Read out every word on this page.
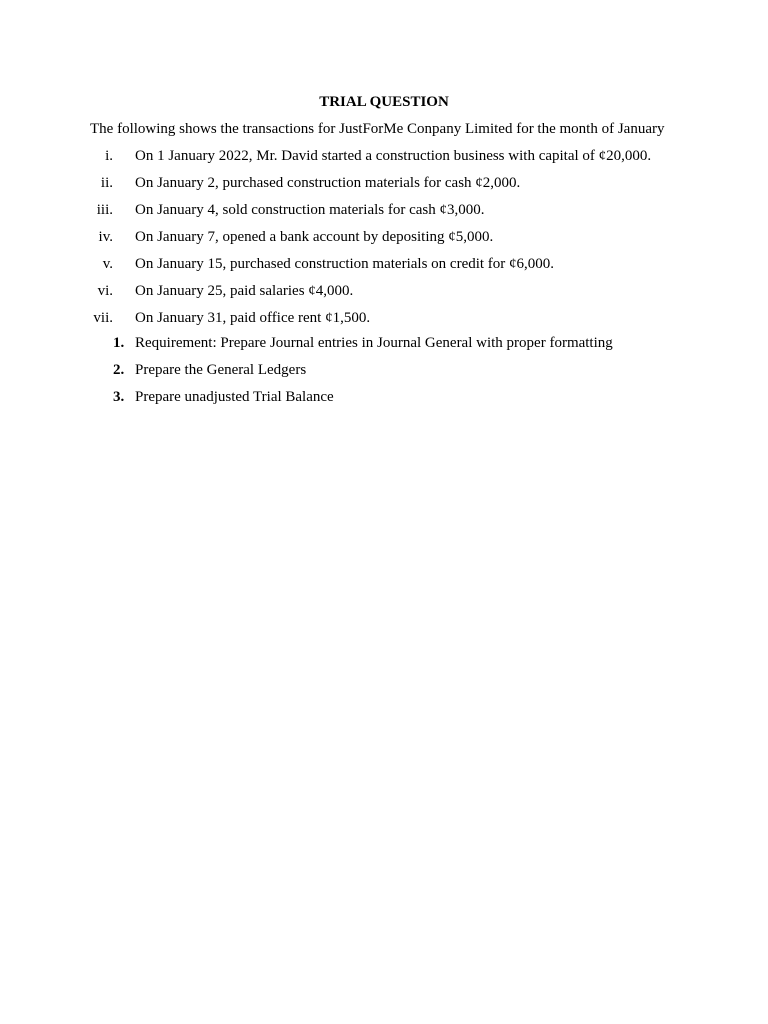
TRIAL QUESTION
The following shows the transactions for JustForMe Conpany Limited for the month of January
i. On 1 January 2022, Mr. David started a construction business with capital of ¢20,000.
ii. On January 2, purchased construction materials for cash ¢2,000.
iii. On January 4, sold construction materials for cash ¢3,000.
iv. On January 7, opened a bank account by depositing ¢5,000.
v. On January 15, purchased construction materials on credit for ¢6,000.
vi. On January 25, paid salaries ¢4,000.
vii. On January 31, paid office rent ¢1,500.
1. Requirement: Prepare Journal entries in Journal General with proper formatting
2. Prepare the General Ledgers
3. Prepare unadjusted Trial Balance
